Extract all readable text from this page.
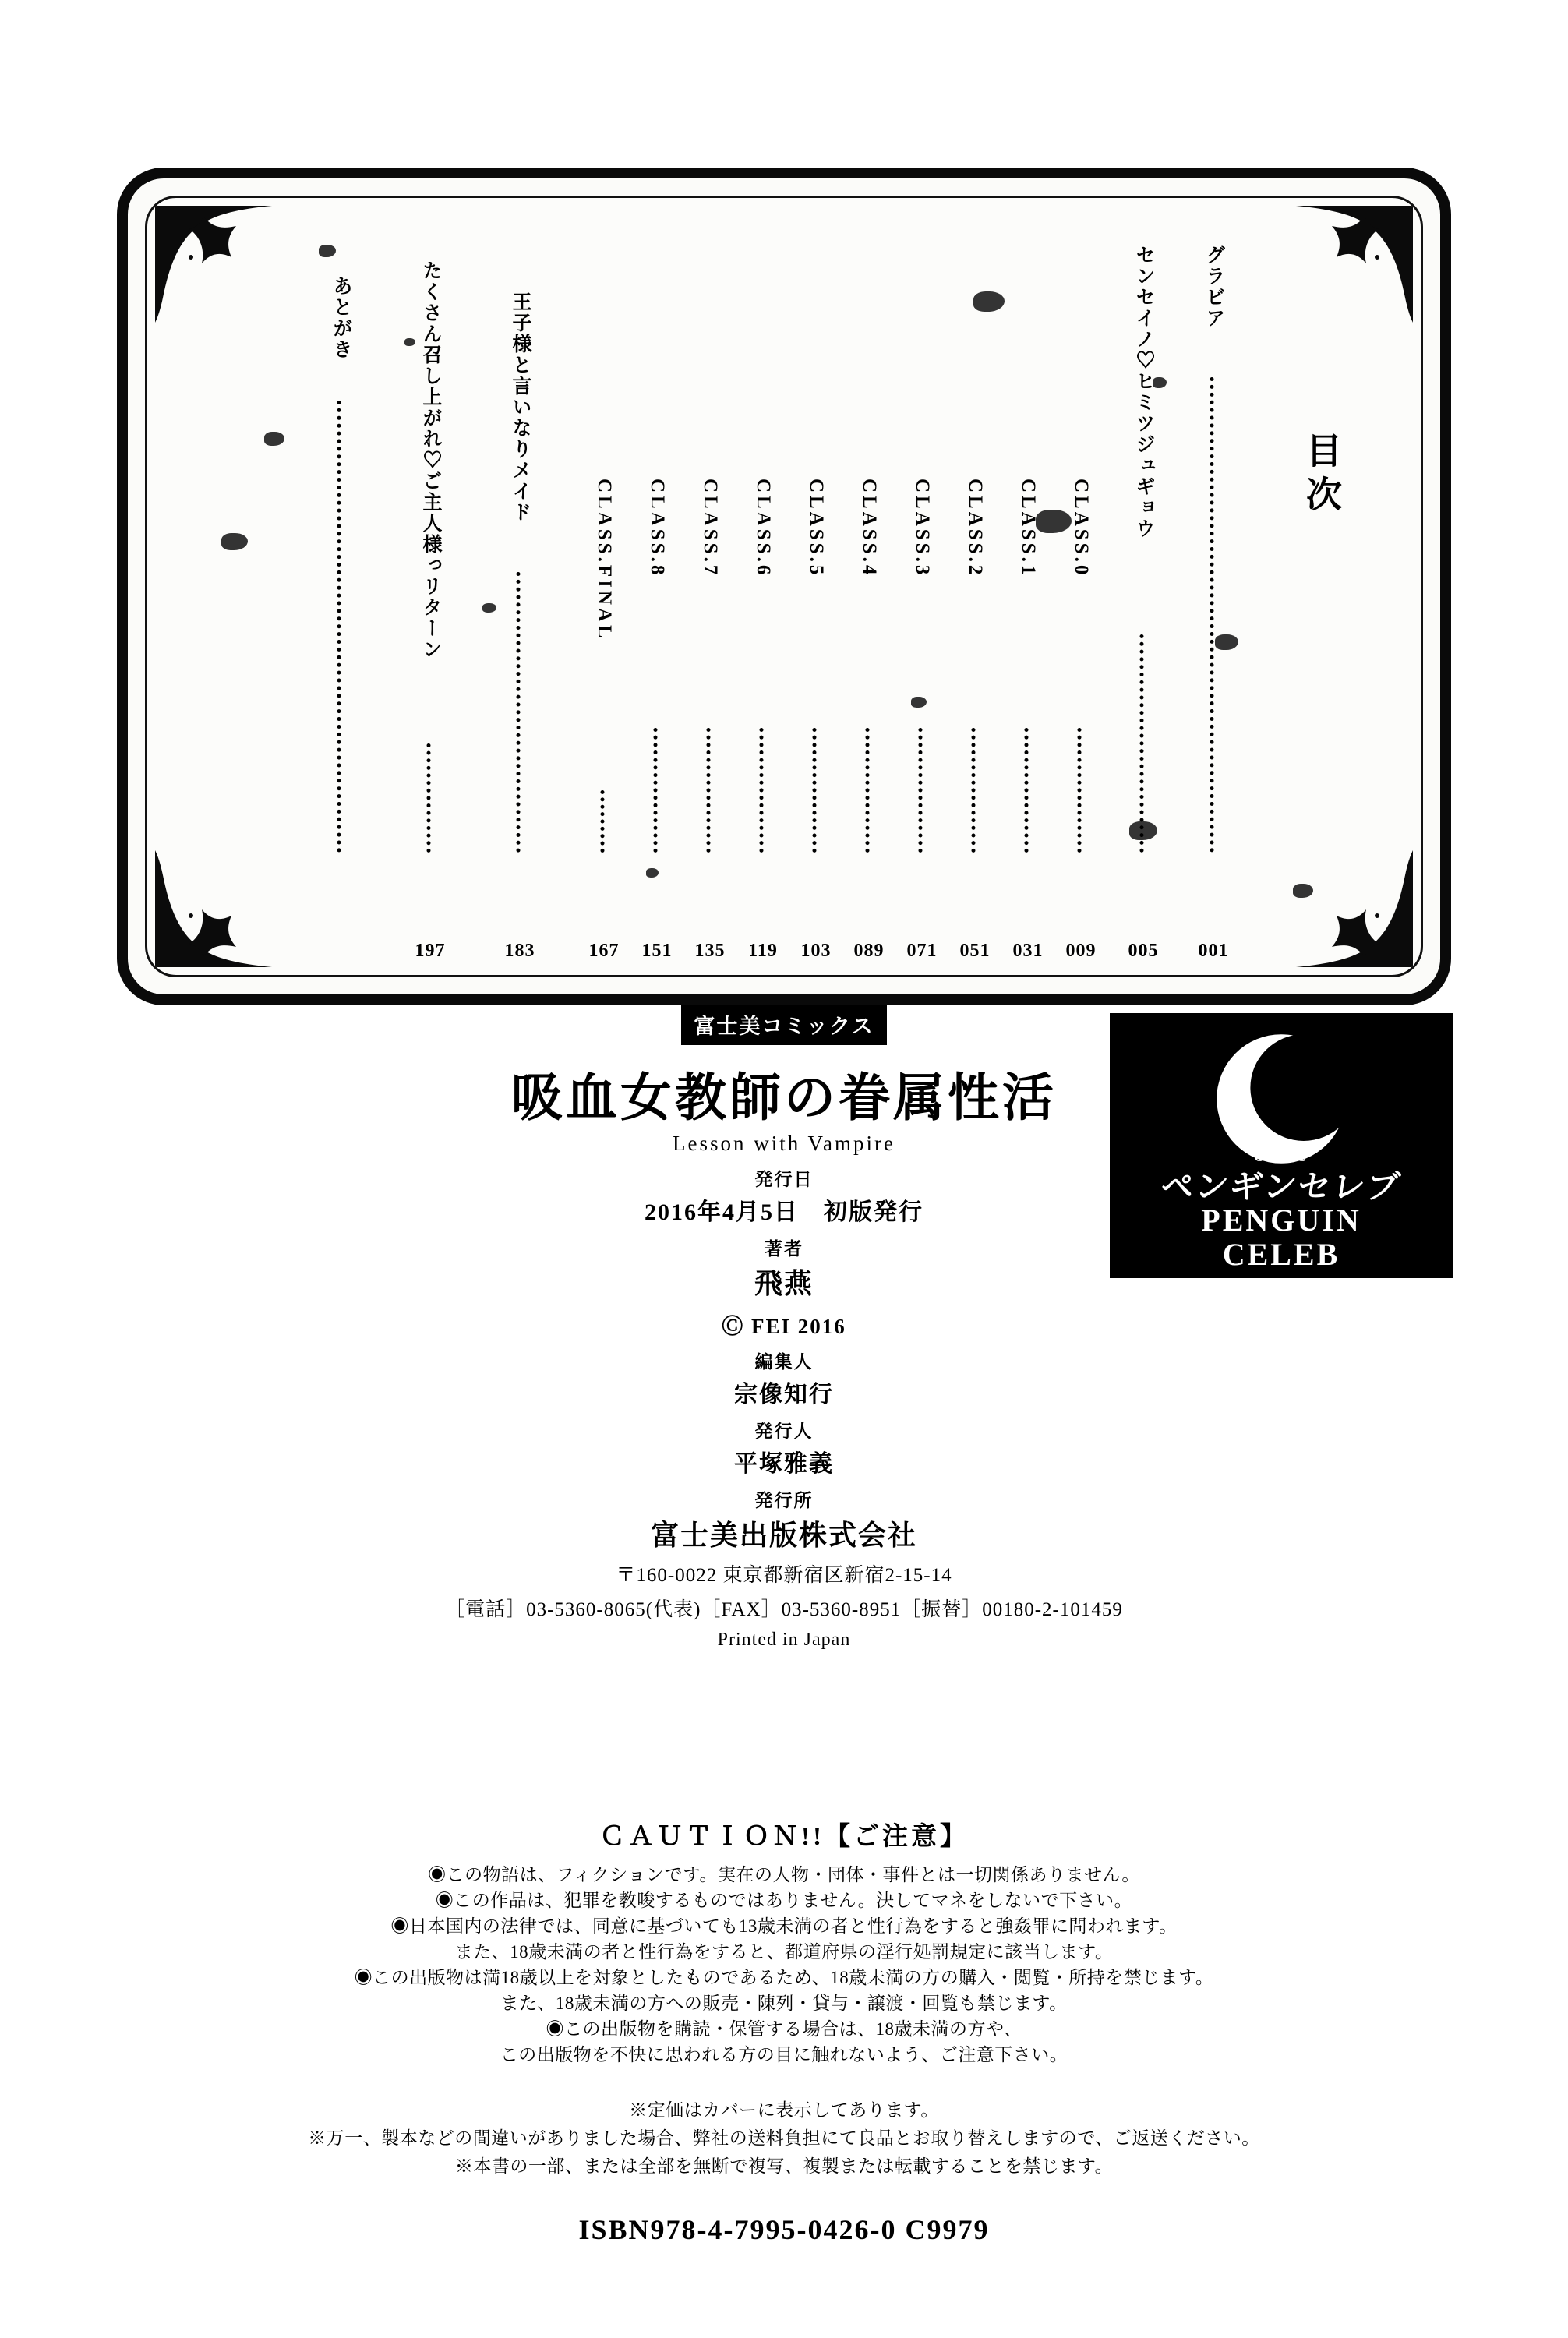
目次
グラビア
001
センセイノ♡ヒミツジュギョウ
005
CLASS.0
009
CLASS.1
031
CLASS.2
051
CLASS.3
071
CLASS.4
089
CLASS.5
103
CLASS.6
119
CLASS.7
135
CLASS.8
151
CLASS.FINAL
167
王子様と言いなりメイド
183
たくさん召し上がれ♡ご主人様っリターン
197
あとがき
COMIC
ペンギンセレブ
PENGUIN
CELEB
富士美コミックス
吸血女教師の眷属性活
Lesson with Vampire
発行日
2016年4月5日　初版発行
著者
飛燕
Ⓒ FEI 2016
編集人
宗像知行
発行人
平塚雅義
発行所
富士美出版株式会社
〒160-0022 東京都新宿区新宿2-15-14
［電話］03-5360-8065(代表)［FAX］03-5360-8951［振替］00180-2-101459
Printed in Japan
ＣＡＵＴＩＯＮ!!【ご注意】
◉この物語は、フィクションです。実在の人物・団体・事件とは一切関係ありません。
◉この作品は、犯罪を教唆するものではありません。決してマネをしないで下さい。
◉日本国内の法律では、同意に基づいても13歳未満の者と性行為をすると強姦罪に問われます。
また、18歳未満の者と性行為をすると、都道府県の淫行処罰規定に該当します。
◉この出版物は満18歳以上を対象としたものであるため、18歳未満の方の購入・閲覧・所持を禁じます。
また、18歳未満の方への販売・陳列・貸与・譲渡・回覧も禁じます。
◉この出版物を購読・保管する場合は、18歳未満の方や、
この出版物を不快に思われる方の目に触れないよう、ご注意下さい。
※定価はカバーに表示してあります。
※万一、製本などの間違いがありました場合、弊社の送料負担にて良品とお取り替えしますので、ご返送ください。
※本書の一部、または全部を無断で複写、複製または転載することを禁じます。
ISBN978-4-7995-0426-0 C9979
